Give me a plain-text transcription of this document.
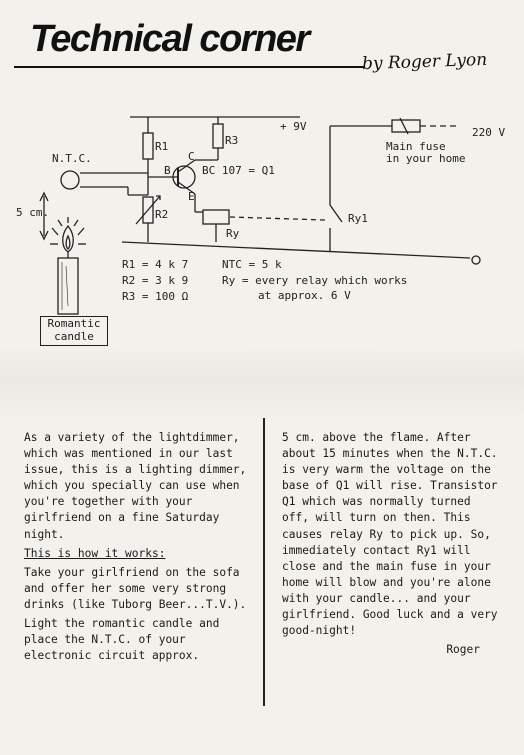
Technical corner
by Roger Lyon
+ 9V	220 V
R1	R3
R2
N.T.C.
B
C
E
BC 107 = Q1
Ry
Ry1
5 cm.
Main fuse
in your home
R1 = 4 k 7
R2 = 3 k 9
R3 = 100 Ω
NTC = 5 k
Ry = every relay which works
at approx. 6 V
Romantic
candle

As a variety of the lightdimmer, which was mentioned in our last issue, this is a lighting dimmer, which you specially can use when you're together with your girlfriend on a fine Saturday night.

This is how it works:

Take your girlfriend on the sofa and offer her some very strong drinks (like Tuborg Beer...T.V.).

Light the romantic candle and place the N.T.C. of your electronic circuit approx.

5 cm. above the flame. After about 15 minutes when the N.T.C. is very warm the voltage on the base of Q1 will rise. Transistor Q1 which was normally turned off, will turn on then. This causes relay Ry to pick up. So, immediately contact Ry1 will close and the main fuse in your home will blow and you're alone with your candle... and your girlfriend. Good luck and a very good-night!

Roger
